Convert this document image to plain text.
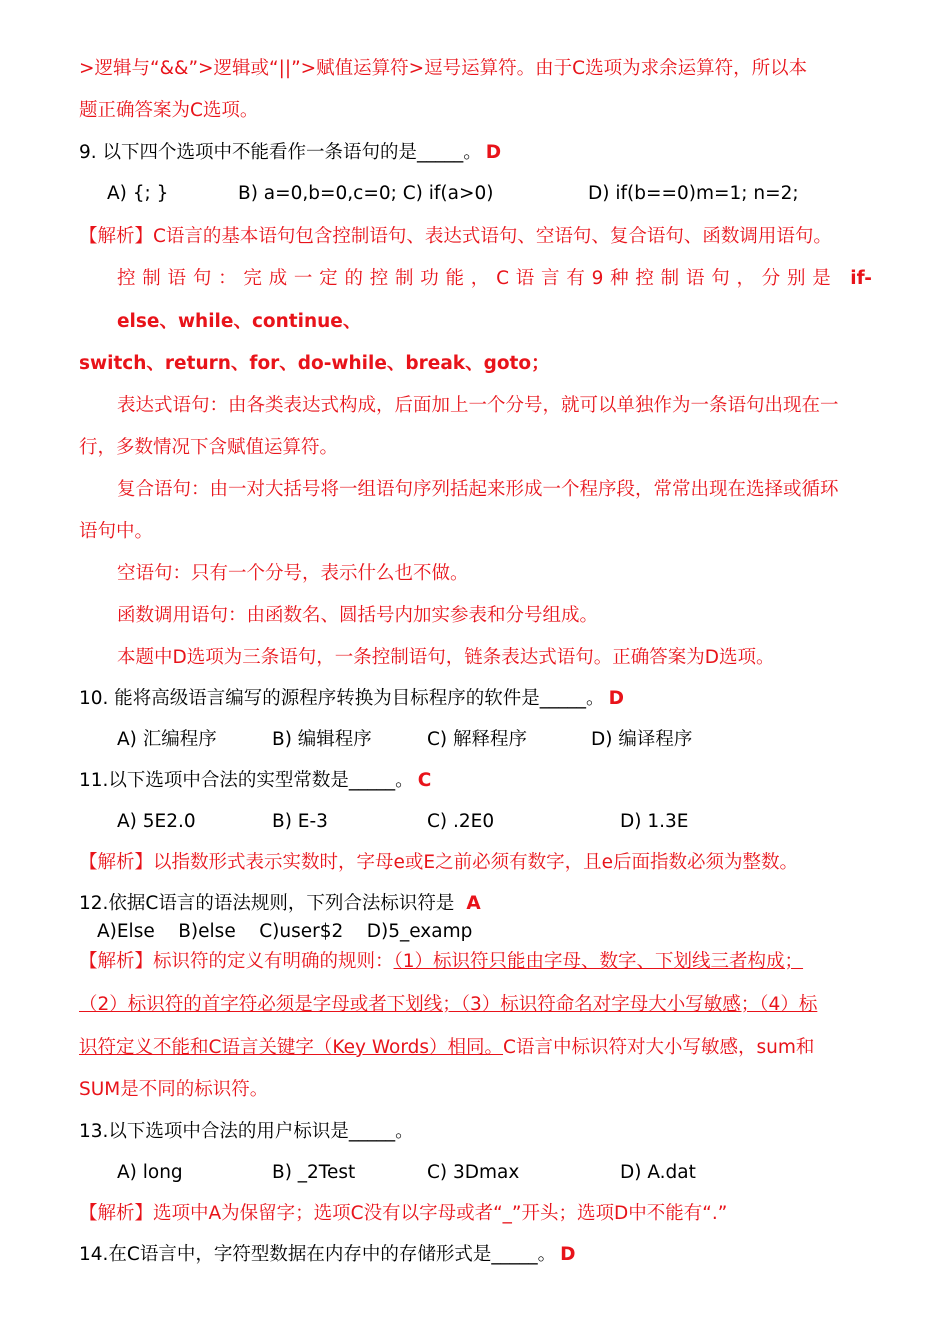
>逻辑与“&&”>逻辑或“||”>赋值运算符>逗号运算符。由于C选项为求余运算符，所以本
题正确答案为C选项。
9. 以下四个选项中不能看作一条语句的是_____。 D
A) {; }	B) a=0,b=0,c=0; C) if(a>0)	D) if(b==0)m=1; n=2;
【解析】C语言的基本语句包含控制语句、表达式语句、空语句、复合语句、函数调用语句。
控制语句：完成一定的控制功能，C语言有9种控制语句，分别是 if-
else、while、continue、
switch、return、for、do-while、break、goto；
表达式语句：由各类表达式构成，后面加上一个分号，就可以单独作为一条语句出现在一
行，多数情况下含赋值运算符。
复合语句：由一对大括号将一组语句序列括起来形成一个程序段，常常出现在选择或循环
语句中。
空语句：只有一个分号，表示什么也不做。
函数调用语句：由函数名、圆括号内加实参表和分号组成。
本题中D选项为三条语句，一条控制语句，链条表达式语句。正确答案为D选项。
10. 能将高级语言编写的源程序转换为目标程序的软件是_____。 D
A) 汇编程序	B) 编辑程序	C) 解释程序	D) 编译程序
11.以下选项中合法的实型常数是_____。 C
A) 5E2.0	B) E-3	C) .2E0	D) 1.3E
【解析】以指数形式表示实数时，字母e或E之前必须有数字，且e后面指数必须为整数。
12.依据C语言的语法规则，下列合法标识符是 A
A)Else    B)else    C)user$2    D)5_examp
【解析】标识符的定义有明确的规则：（1）标识符只能由字母、数字、下划线三者构成；
（2）标识符的首字符必须是字母或者下划线；（3）标识符命名对字母大小写敏感；（4）标
识符定义不能和C语言关键字（Key Words）相同。C语言中标识符对大小写敏感，sum和
SUM是不同的标识符。
13.以下选项中合法的用户标识是_____。
A) long	B) _2Test	C) 3Dmax	D) A.dat
【解析】选项中A为保留字；选项C没有以字母或者“_”开头；选项D中不能有“.”
14.在C语言中，字符型数据在内存中的存储形式是_____。 D
